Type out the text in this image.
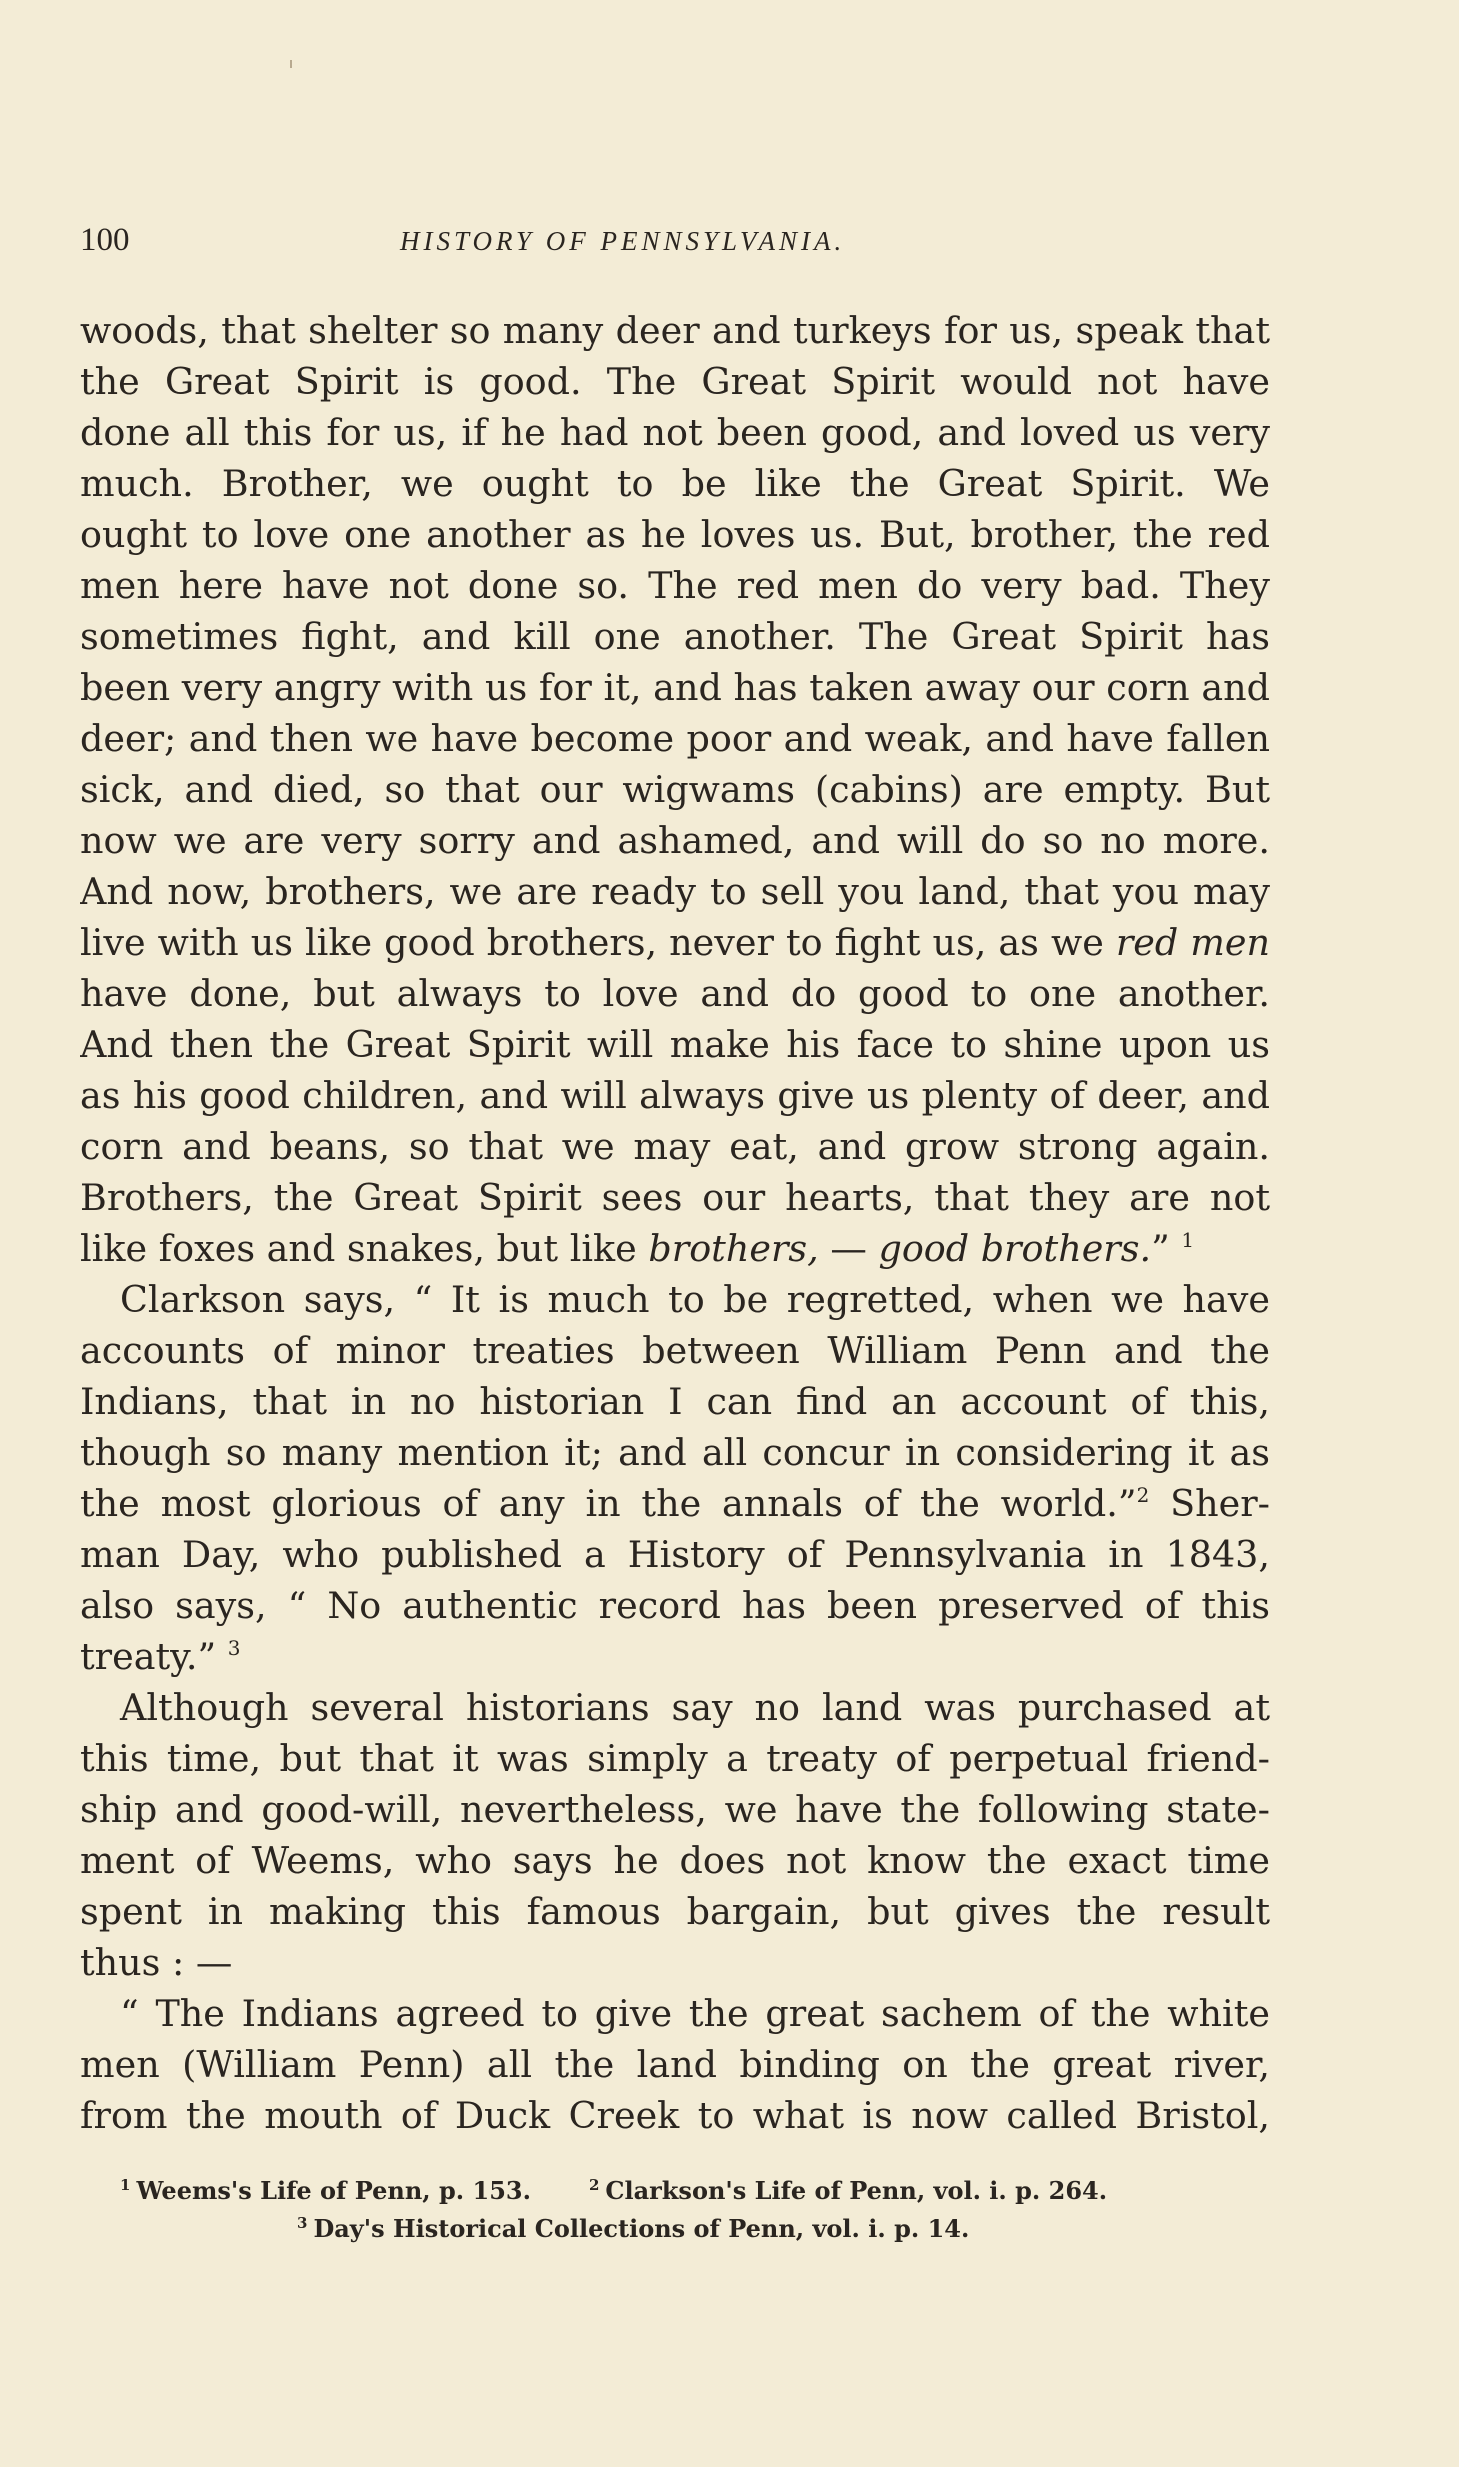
100	HISTORY OF PENNSYLVANIA.
woods, that shelter so many deer and turkeys for us, speak that
the Great Spirit is good. The Great Spirit would not have
done all this for us, if he had not been good, and loved us very
much. Brother, we ought to be like the Great Spirit. We
ought to love one another as he loves us. But, brother, the red
men here have not done so. The red men do very bad. They
sometimes fight, and kill one another. The Great Spirit has
been very angry with us for it, and has taken away our corn and
deer; and then we have become poor and weak, and have fallen
sick, and died, so that our wigwams (cabins) are empty. But
now we are very sorry and ashamed, and will do so no more.
And now, brothers, we are ready to sell you land, that you may
live with us like good brothers, never to fight us, as we red men
have done, but always to love and do good to one another.
And then the Great Spirit will make his face to shine upon us
as his good children, and will always give us plenty of deer, and
corn and beans, so that we may eat, and grow strong again.
Brothers, the Great Spirit sees our hearts, that they are not
like foxes and snakes, but like brothers, — good brothers.” $^1$
Clarkson says, “ It is much to be regretted, when we have
accounts of minor treaties between William Penn and the
Indians, that in no historian I can find an account of this,
though so many mention it; and all concur in considering it as
the most glorious of any in the annals of the world.”$^2$ Sher-
man Day, who published a History of Pennsylvania in 1843,
also says, “ No authentic record has been preserved of this
treaty.” $^3$
Although several historians say no land was purchased at
this time, but that it was simply a treaty of perpetual friend-
ship and good-will, nevertheless, we have the following state-
ment of Weems, who says he does not know the exact time
spent in making this famous bargain, but gives the result
thus : —
“ The Indians agreed to give the great sachem of the white
men (William Penn) all the land binding on the great river,
from the mouth of Duck Creek to what is now called Bristol,
$^1$ Weems's Life of Penn, p. 153.	$^2$ Clarkson's Life of Penn, vol. i. p. 264.
$^3$ Day's Historical Collections of Penn, vol. i. p. 14.
